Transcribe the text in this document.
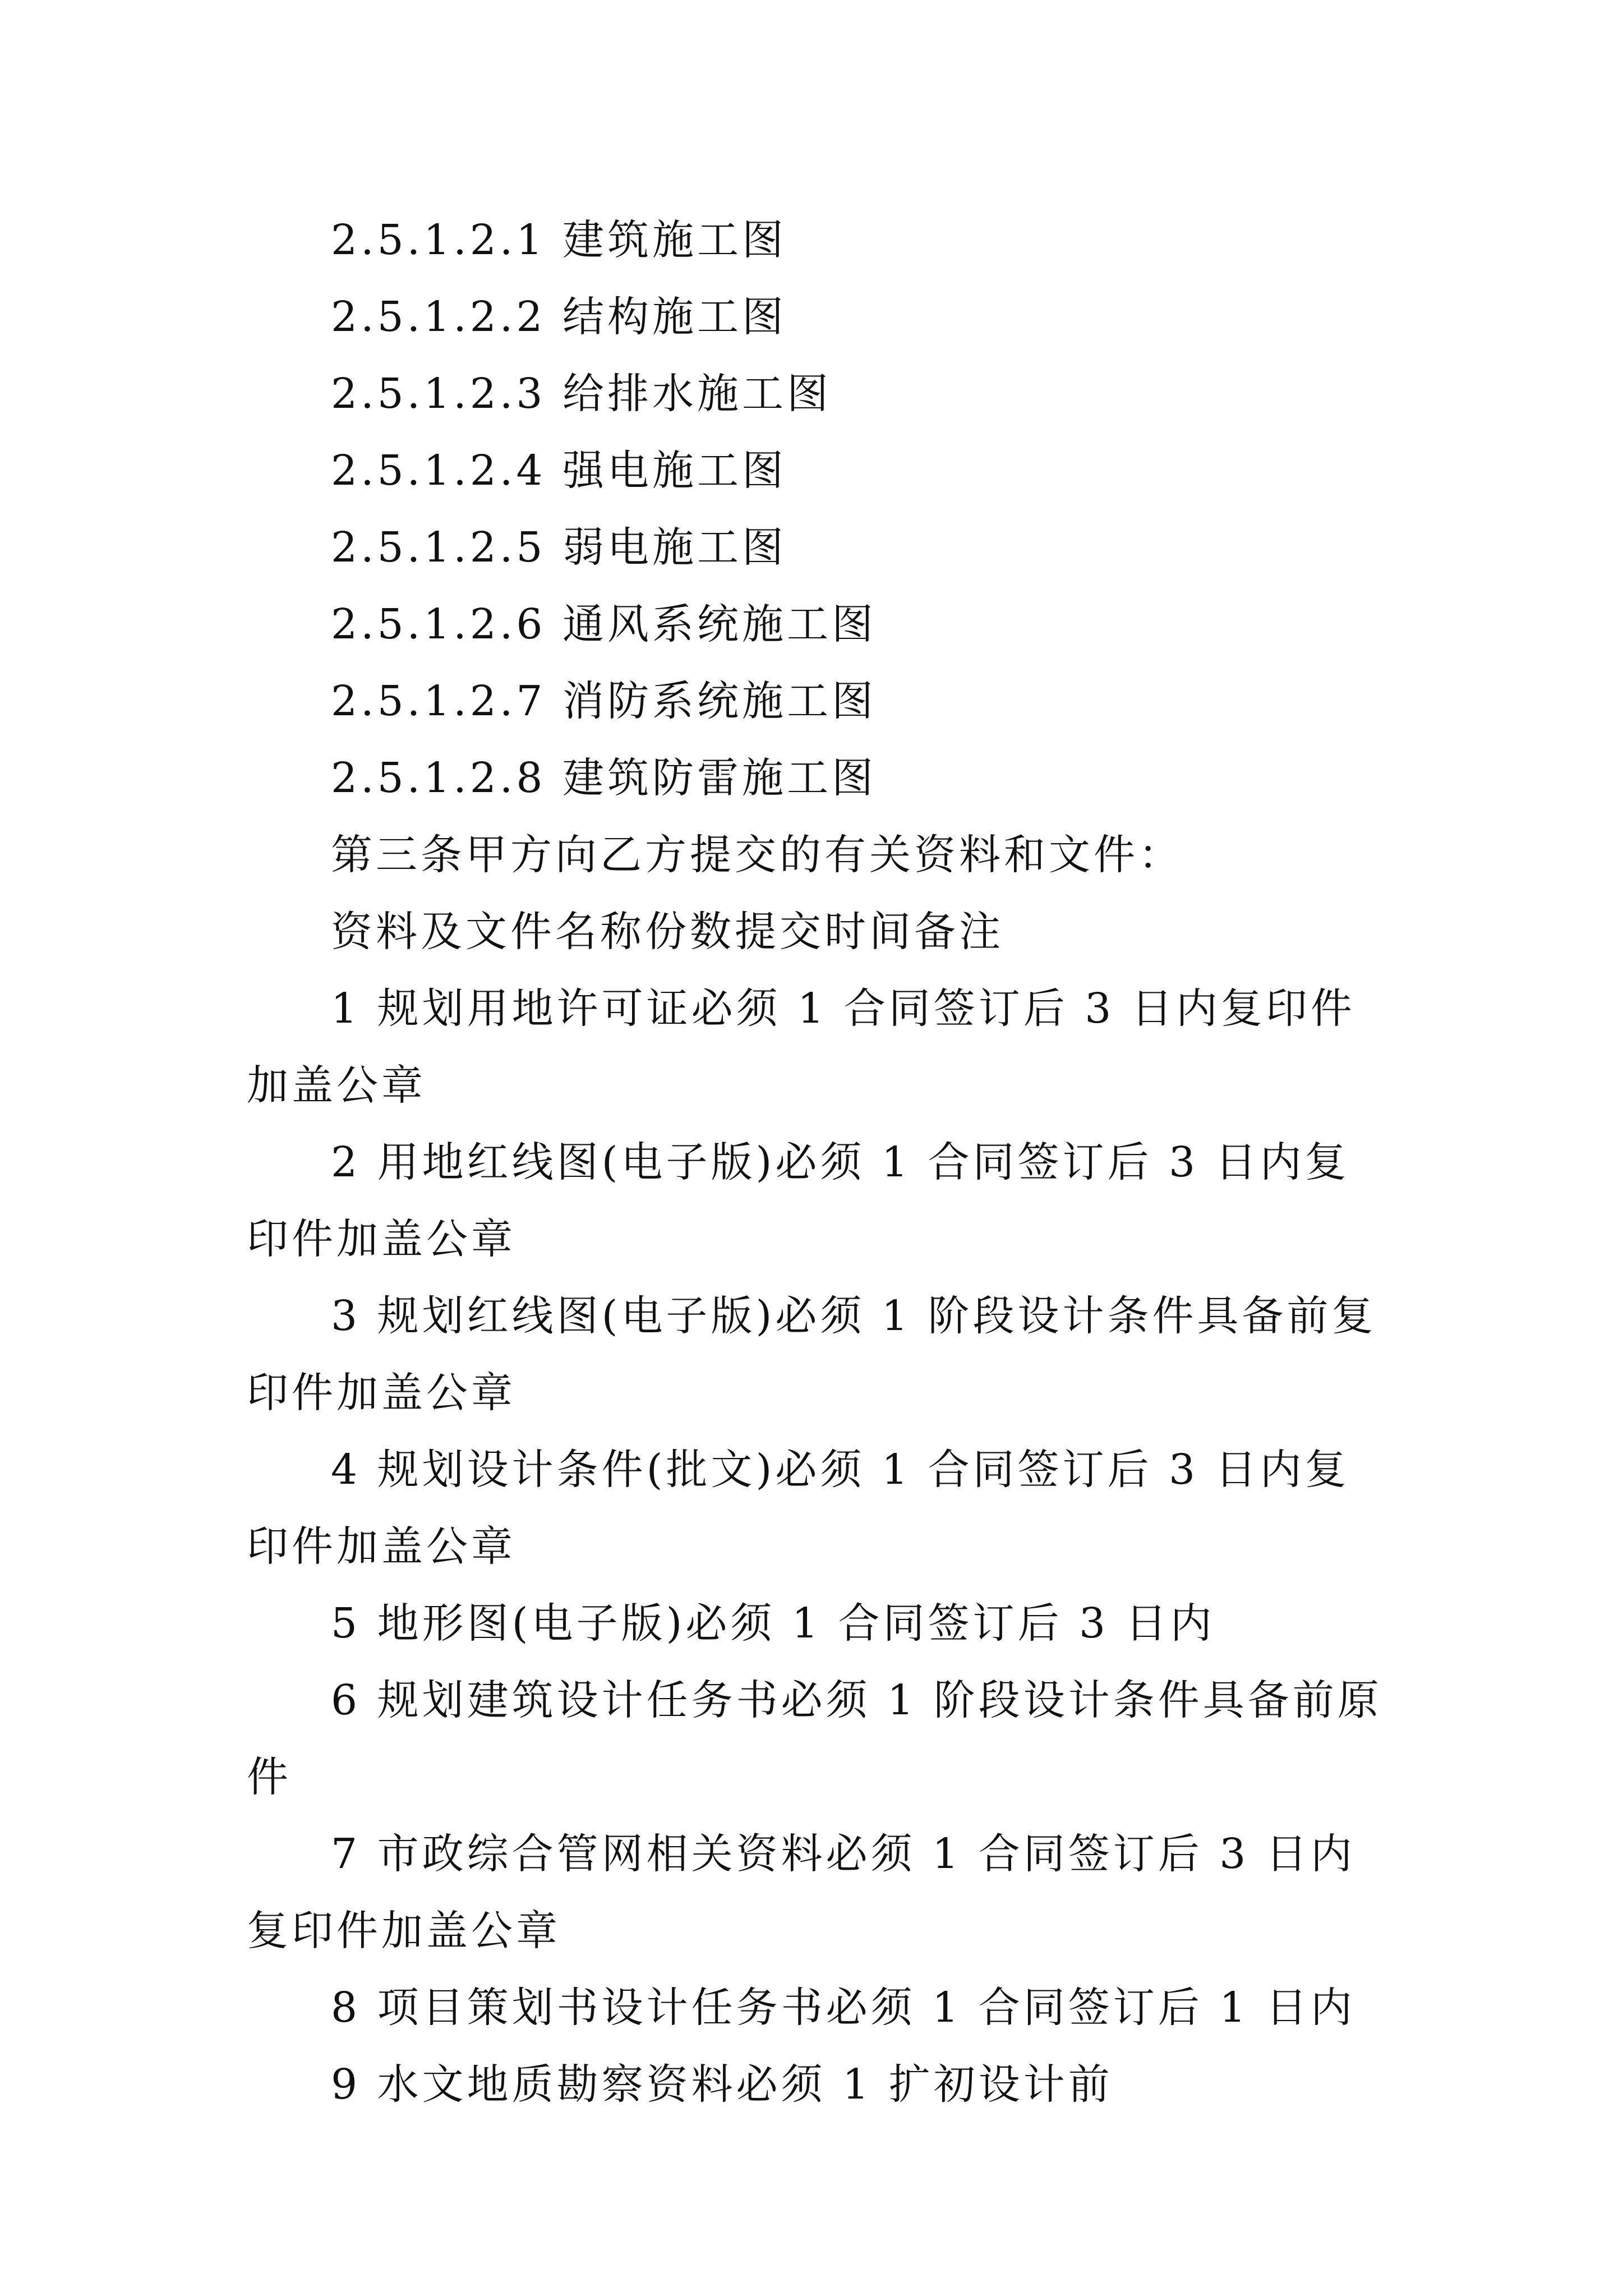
2.5.1.2.1 建筑施工图

2.5.1.2.2 结构施工图

2.5.1.2.3 给排水施工图

2.5.1.2.4 强电施工图

2.5.1.2.5 弱电施工图

2.5.1.2.6 通风系统施工图

2.5.1.2.7 消防系统施工图

2.5.1.2.8 建筑防雷施工图

第三条甲方向乙方提交的有关资料和文件：

资料及文件名称份数提交时间备注

1 规划用地许可证必须 1 合同签订后 3 日内复印件加盖公章

2 用地红线图(电子版)必须 1 合同签订后 3 日内复印件加盖公章

3 规划红线图(电子版)必须 1 阶段设计条件具备前复印件加盖公章

4 规划设计条件(批文)必须 1 合同签订后 3 日内复印件加盖公章

5 地形图(电子版)必须 1 合同签订后 3 日内

6 规划建筑设计任务书必须 1 阶段设计条件具备前原件

7 市政综合管网相关资料必须 1 合同签订后 3 日内复印件加盖公章

8 项目策划书设计任务书必须 1 合同签订后 1 日内

9 水文地质勘察资料必须 1 扩初设计前
